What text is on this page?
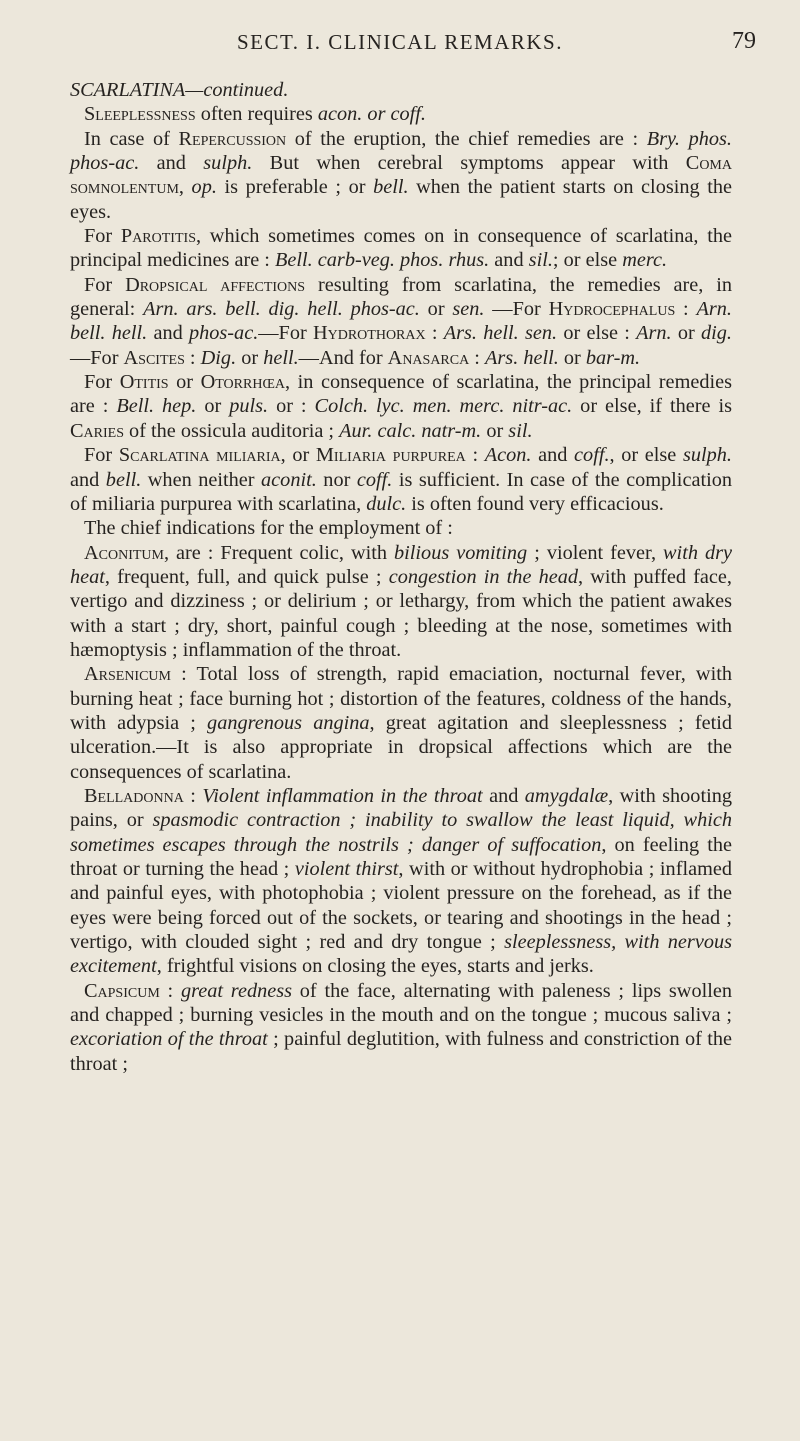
SECT. I. CLINICAL REMARKS.	79

SCARLATINA—continued.

Sleeplessness often requires acon. or coff.

In case of Repercussion of the eruption, the chief remedies are : Bry. phos. phos-ac. and sulph. But when cerebral symptoms appear with Coma somnolentum, op. is preferable ; or bell. when the patient starts on closing the eyes.

For Parotitis, which sometimes comes on in consequence of scarlatina, the principal medicines are : Bell. carb-veg. phos. rhus. and sil.; or else merc.

For Dropsical affections resulting from scarlatina, the remedies are, in general: Arn. ars. bell. dig. hell. phos-ac. or sen. —For Hydrocephalus : Arn. bell. hell. and phos-ac.—For Hydrothorax : Ars. hell. sen. or else : Arn. or dig.—For Ascites : Dig. or hell.—And for Anasarca : Ars. hell. or bar-m.

For Otitis or Otorrhœa, in consequence of scarlatina, the principal remedies are : Bell. hep. or puls. or : Colch. lyc. men. merc. nitr-ac. or else, if there is Caries of the ossicula auditoria ; Aur. calc. natr-m. or sil.

For Scarlatina miliaria, or Miliaria purpurea : Acon. and coff., or else sulph. and bell. when neither aconit. nor coff. is sufficient. In case of the complication of miliaria purpurea with scarlatina, dulc. is often found very efficacious.

The chief indications for the employment of :

Aconitum, are : Frequent colic, with bilious vomiting ; violent fever, with dry heat, frequent, full, and quick pulse ; congestion in the head, with puffed face, vertigo and dizziness ; or delirium ; or lethargy, from which the patient awakes with a start ; dry, short, painful cough ; bleeding at the nose, sometimes with hæmoptysis ; inflammation of the throat.

Arsenicum : Total loss of strength, rapid emaciation, nocturnal fever, with burning heat ; face burning hot ; distortion of the features, coldness of the hands, with adypsia ; gangrenous angina, great agitation and sleeplessness ; fetid ulceration.—It is also appropriate in dropsical affections which are the consequences of scarlatina.

Belladonna : Violent inflammation in the throat and amygdalæ, with shooting pains, or spasmodic contraction ; inability to swallow the least liquid, which sometimes escapes through the nostrils ; danger of suffocation, on feeling the throat or turning the head ; violent thirst, with or without hydrophobia ; inflamed and painful eyes, with photophobia ; violent pressure on the forehead, as if the eyes were being forced out of the sockets, or tearing and shootings in the head ; vertigo, with clouded sight ; red and dry tongue ; sleeplessness, with nervous excitement, frightful visions on closing the eyes, starts and jerks.

Capsicum : great redness of the face, alternating with paleness ; lips swollen and chapped ; burning vesicles in the mouth and on the tongue ; mucous saliva ; excoriation of the throat ; painful deglutition, with fulness and constriction of the throat ;
